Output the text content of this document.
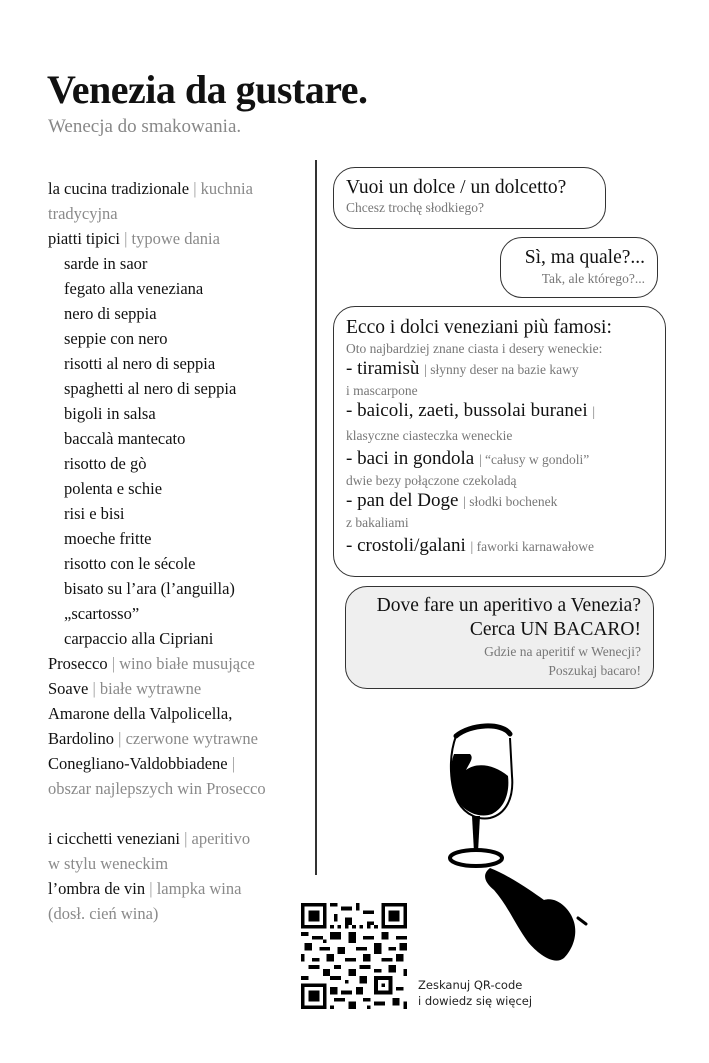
Venezia da gustare.
Wenecja do smakowania.
la cucina tradizionale | kuchnia
tradycyjna
piatti tipici | typowe dania
sarde in saor
fegato alla veneziana
nero di seppia
seppie con nero
risotti al nero di seppia
spaghetti al nero di seppia
bigoli in salsa
baccalà mantecato
risotto de gò
polenta e schie
risi e bisi
moeche fritte
risotto con le sécole
bisato su l’ara (l’anguilla)
„scartosso”
carpaccio alla Cipriani
Prosecco | wino białe musujące
Soave | białe wytrawne
Amarone della Valpolicella,
Bardolino | czerwone wytrawne
Conegliano-Valdobbiadene |
obszar najlepszych win Prosecco
i cicchetti veneziani | aperitivo
w stylu weneckim
l’ombra de vin | lampka wina
(dosł. cień wina)
Vuoi un dolce / un dolcetto?
Chcesz trochę słodkiego?
Sì, ma quale?...
Tak, ale którego?...
Ecco i dolci veneziani più famosi:
Oto najbardziej znane ciasta i desery weneckie:
- tiramisù | słynny deser na bazie kawy
i mascarpone
- baicoli, zaeti, bussolai buranei |
klasyczne ciasteczka weneckie
- baci in gondola | “całusy w gondoli”
dwie bezy połączone czekoladą
- pan del Doge | słodki bochenek
z bakaliami
- crostoli/galani | faworki karnawałowe
Dove fare un aperitivo a Venezia?
Cerca UN BACARO!
Gdzie na aperitif w Wenecji?
Poszukaj bacaro!
Zeskanuj QR-code
i dowiedz się więcej
